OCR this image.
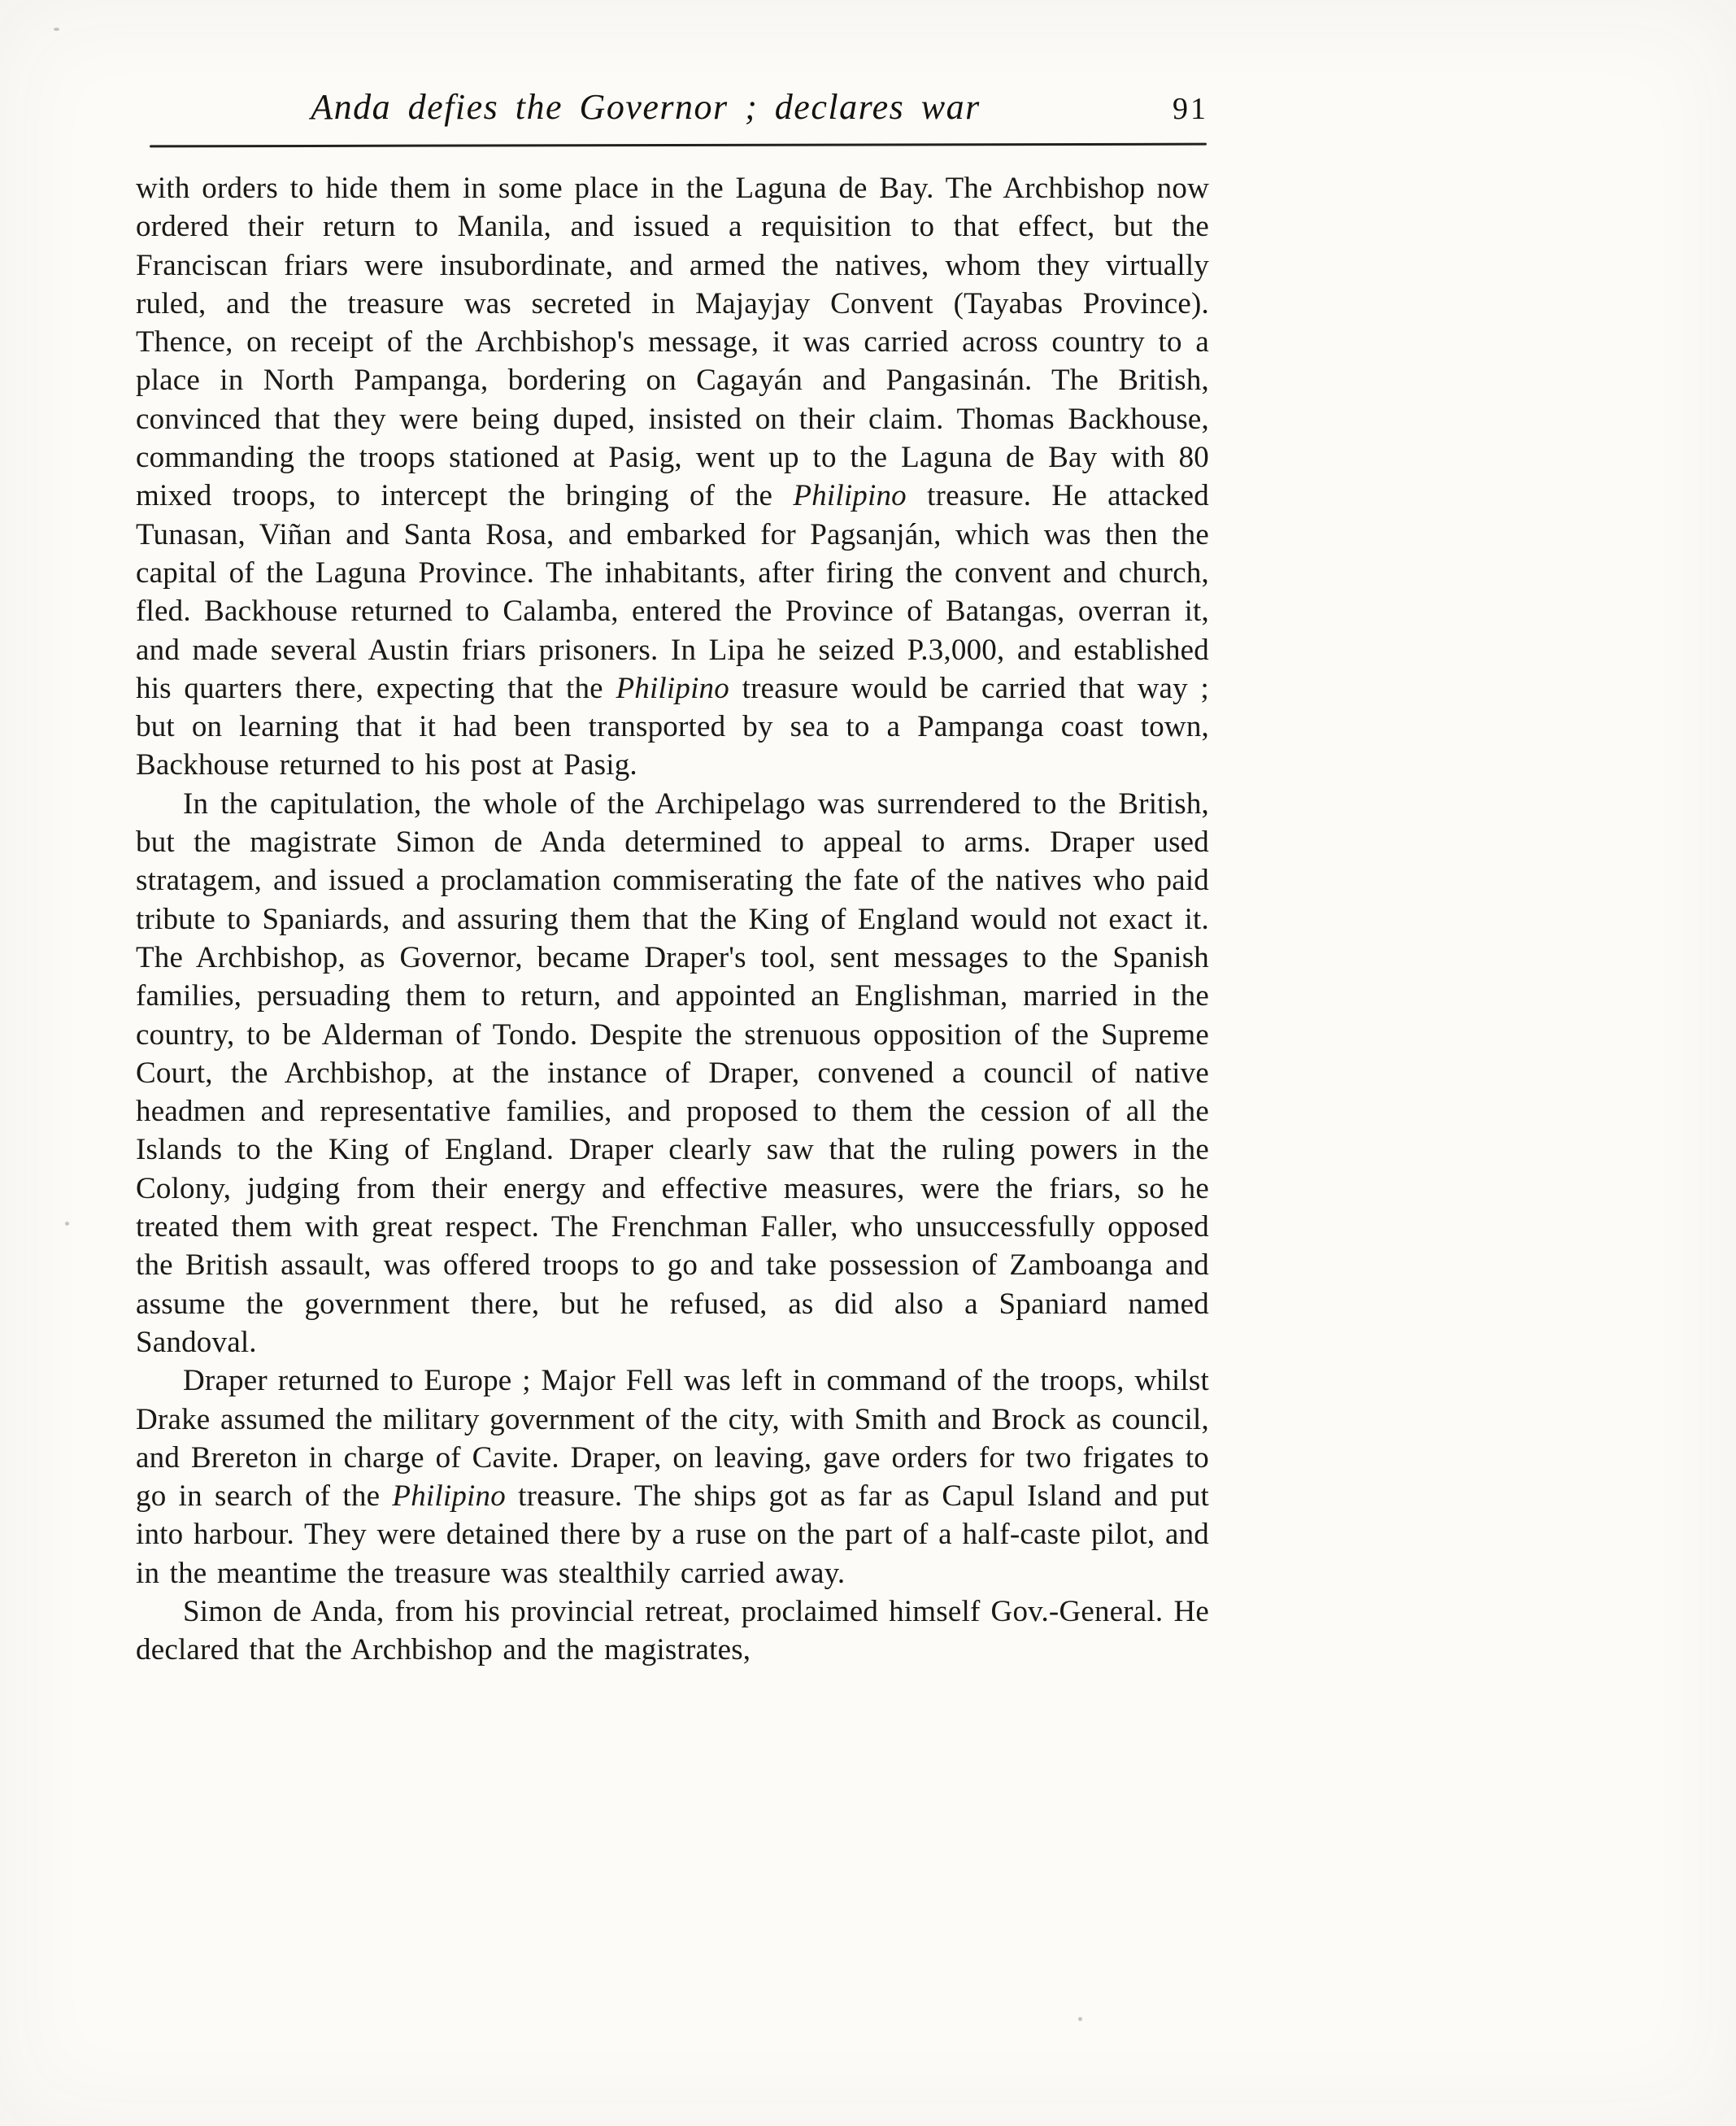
Anda defies the Governor ; declares war	91

with orders to hide them in some place in the Laguna de Bay. The Archbishop now ordered their return to Manila, and issued a requisition to that effect, but the Franciscan friars were insubordinate, and armed the natives, whom they virtually ruled, and the treasure was secreted in Majayjay Convent (Tayabas Province). Thence, on receipt of the Archbishop's message, it was carried across country to a place in North Pampanga, bordering on Cagayán and Pangasinán. The British, convinced that they were being duped, insisted on their claim. Thomas Backhouse, commanding the troops stationed at Pasig, went up to the Laguna de Bay with 80 mixed troops, to intercept the bringing of the Philipino treasure. He attacked Tunasan, Viñan and Santa Rosa, and embarked for Pagsanján, which was then the capital of the Laguna Province. The inhabitants, after firing the convent and church, fled. Backhouse returned to Calamba, entered the Province of Batangas, overran it, and made several Austin friars prisoners. In Lipa he seized P.3,000, and established his quarters there, expecting that the Philipino treasure would be carried that way ; but on learning that it had been transported by sea to a Pampanga coast town, Backhouse returned to his post at Pasig.

In the capitulation, the whole of the Archipelago was surrendered to the British, but the magistrate Simon de Anda determined to appeal to arms. Draper used stratagem, and issued a proclamation commiserating the fate of the natives who paid tribute to Spaniards, and assuring them that the King of England would not exact it. The Archbishop, as Governor, became Draper's tool, sent messages to the Spanish families, persuading them to return, and appointed an Englishman, married in the country, to be Alderman of Tondo. Despite the strenuous opposition of the Supreme Court, the Archbishop, at the instance of Draper, convened a council of native headmen and representative families, and proposed to them the cession of all the Islands to the King of England. Draper clearly saw that the ruling powers in the Colony, judging from their energy and effective measures, were the friars, so he treated them with great respect. The Frenchman Faller, who unsuccessfully opposed the British assault, was offered troops to go and take possession of Zamboanga and assume the government there, but he refused, as did also a Spaniard named Sandoval.

Draper returned to Europe ; Major Fell was left in command of the troops, whilst Drake assumed the military government of the city, with Smith and Brock as council, and Brereton in charge of Cavite. Draper, on leaving, gave orders for two frigates to go in search of the Philipino treasure. The ships got as far as Capul Island and put into harbour. They were detained there by a ruse on the part of a half-caste pilot, and in the meantime the treasure was stealthily carried away.

Simon de Anda, from his provincial retreat, proclaimed himself Gov.-General. He declared that the Archbishop and the magistrates,
